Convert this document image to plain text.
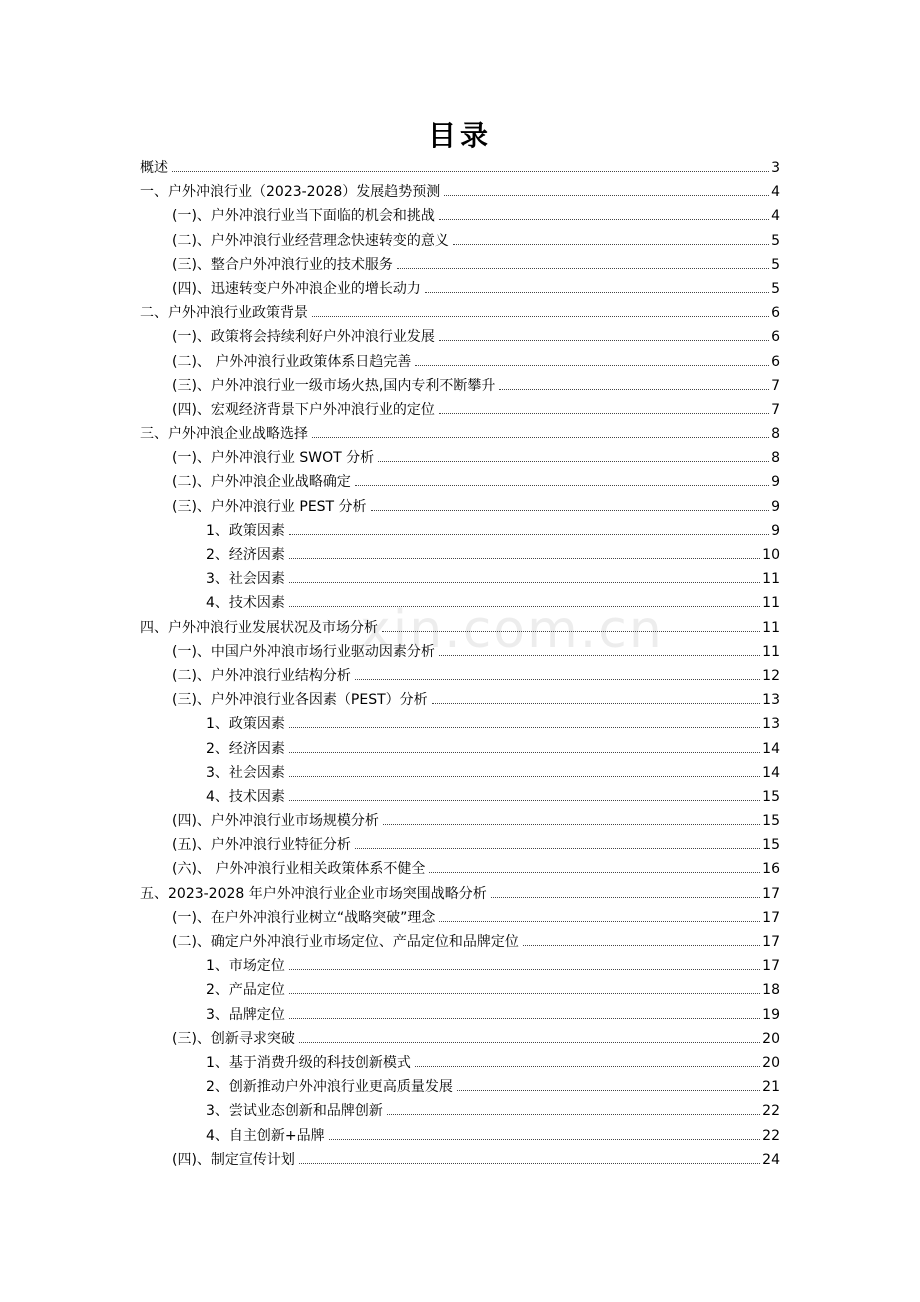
目录
概述	3
一、户外冲浪行业（2023-2028）发展趋势预测	4
(一)、户外冲浪行业当下面临的机会和挑战	4
(二)、户外冲浪行业经营理念快速转变的意义	5
(三)、整合户外冲浪行业的技术服务	5
(四)、迅速转变户外冲浪企业的增长动力	5
二、户外冲浪行业政策背景	6
(一)、政策将会持续利好户外冲浪行业发展	6
(二)、 户外冲浪行业政策体系日趋完善	6
(三)、户外冲浪行业一级市场火热,国内专利不断攀升	7
(四)、宏观经济背景下户外冲浪行业的定位	7
三、户外冲浪企业战略选择	8
(一)、户外冲浪行业 SWOT 分析	8
(二)、户外冲浪企业战略确定	9
(三)、户外冲浪行业 PEST 分析	9
1、政策因素	9
2、经济因素	10
3、社会因素	11
4、技术因素	11
四、户外冲浪行业发展状况及市场分析	11
(一)、中国户外冲浪市场行业驱动因素分析	11
(二)、户外冲浪行业结构分析	12
(三)、户外冲浪行业各因素（PEST）分析	13
1、政策因素	13
2、经济因素	14
3、社会因素	14
4、技术因素	15
(四)、户外冲浪行业市场规模分析	15
(五)、户外冲浪行业特征分析	15
(六)、 户外冲浪行业相关政策体系不健全	16
五、2023-2028 年户外冲浪行业企业市场突围战略分析	17
(一)、在户外冲浪行业树立“战略突破”理念	17
(二)、确定户外冲浪行业市场定位、产品定位和品牌定位	17
1、市场定位	17
2、产品定位	18
3、品牌定位	19
(三)、创新寻求突破	20
1、基于消费升级的科技创新模式	20
2、创新推动户外冲浪行业更高质量发展	21
3、尝试业态创新和品牌创新	22
4、自主创新+品牌	22
(四)、制定宣传计划	24
xin.com.cn
